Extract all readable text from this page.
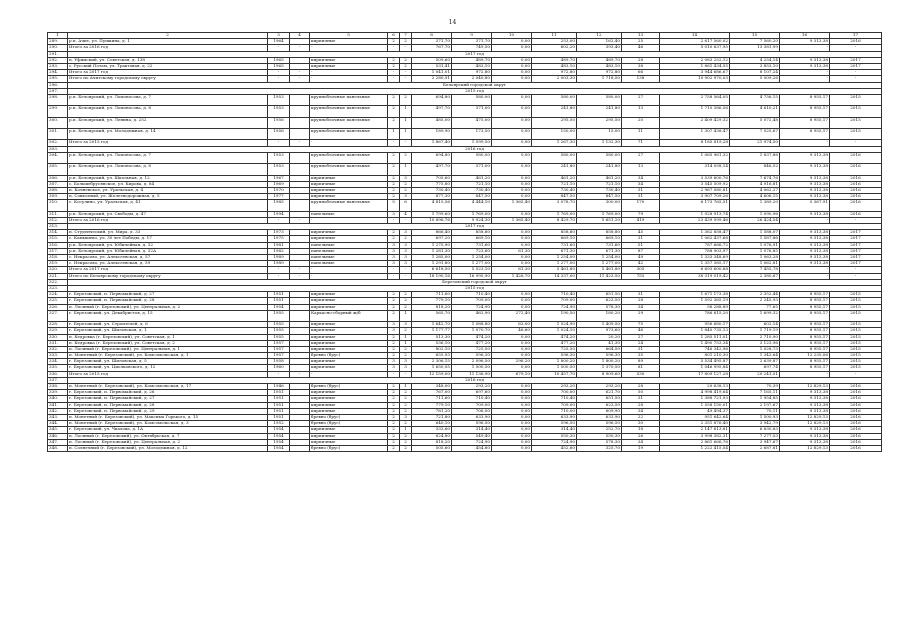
14
1	2	3	4	5	6	7	8	9	10	11	12	13	14	15	16	17
289.	р.п. Ачит, ул. Пушкина, д. 1	1964		кирпичные	2	2	371,70	371,70	0,00	253,00	162,40	25	2 617 560,02	7 560,20	9 313,38	2016
290.	Итого за 2016 год	-	-	-	-	-	767,70	749,50	0,00	602,20	393,40	46	5 010 637,95	13 381,99	-	-
291.	2017 год															
292.	п. Уфимский, ул. Советская, д. 138	1965		кирпичные	2	2	509,60	489,70	0,00	489,70	489,70	28	2 083 252,12	4 254,14	9 313,38	2017
293.	с. Русский Потам, ул. Трактовая, д. 22	1965		кирпичные	2	2	531,41	483,10	0,00	483,10	483,10	38	1 861 434,55	3 853,10	9 313,38	2017
294.	Итого за 2017 год	-	-	-	-	-	1 041,01	972,80	0,00	972,80	972,80	66	3 944 686,67	8 107,24	-	-
295.	Итого по Ачитскому городскому округу	-	-	-	-	-	2 280,91	2 040,80	0,00	2 003,30	1 718,50	138	10 902 970,03	5 009,26	-	-
296.	Белоярский городской округ															
297.	2015 год															
298.	р.п. Белоярский, ул. Ломоносова, д. 7	1953		крупноблочные панельные	2	2	694,80	580,00	0,00	580,00	580,00	27	2 758 564,05	4 756,15	8 955,17	2015
299.	р.п. Белоярский, ул. Ломоносова, д. 8	1953		крупноблочные панельные	2	1	497,70	371,00	0,00	241,80	241,80	13	1 710 386,56	4 610,21	8 955,17	2015
300.	р.п. Белоярский, ул. Ленина, д. 252	1956		крупноблочные панельные	2	1	485,00	475,00	0,00	295,50	295,50	20	2 409 429,32	5 072,48	8 955,17	2015
301.	р.п. Белоярский, ул. Молодежная, д. 14	1956		крупноблочные панельные	1	1	189,90	173,50	0,00	150,00	15,00	11	1 307 438,47	7 525,67	8 955,17	2015
302.	Итого за 2015 год	-	-	-	-	-	1 867,40	1 599,50	0,00	1 267,30	1 132,30	71	8 185 819,28	21 974,50	-	-
303.	2016 год															
304.	р.п. Белоярский, ул. Ломоносова, д. 7	1953		крупноблочные панельные	2	2	694,80	580,00	0,00	580,00	580,00	27	1 065 961,32	1 837,86	9 313,38	2016
305.	р.п. Белоярский, ул. Ломоносова, д. 8	1953		крупноблочные панельные	2	1	497,70	371,00	0,00	241,80	241,80	13	314 058,14	846,52	9 313,38	2016
306.	р.п. Белоярский, ул. Школьная, д. 12	1967		кирпичные	2	3	705,60	461,20	0,00	461,20	461,20	34	3 539 600,76	7 674,76	9 313,38	2016
307.	с. Большебрусянское, ул. Кирова, д. 84	1969		кирпичные	2	2	775,80	721,10	0,00	721,10	721,10	34	3 545 509,92	4 916,81	9 313,38	2016
308.	п. Кочневское, ул. Уральская, д. 4	1970		кирпичные	2	2	730,40	730,40	0,00	730,40	730,40	31	2 967 080,81	4 062,27	9 313,38	2016
309.	п. Совхозный, ул. Железнодорожная, д. 5	1977		кирпичные	2	3	877,30	847,50	0,00	847,50	847,50	31	3 907 709,26	4 606,15	9 313,38	2016
310.	с. Косулино, ул. Уральская, д. 41	1985		крупноблочные панельные	5	6	4 815,56	4 444,10	1 365,40	3 078,70	300,00	170	6 173 765,51	1 389,20	5 367,91	2016
311.	р.п. Белоярский, ул. Свободы, д. 47	1994		панельные	3	4	1 799,60	1 769,00	0,00	1 769,00	1 769,00	79	1 928 913,74	1 090,96	9 313,38	2016
312.	Итого за 2016 год	-	-	-	-	-	10 896,76	9 924,30	1 365,40	8 429,70	5 651,20	419	23 439 599,46	26 424,54	-	-
313.	2017 год															
314.	п. Студенческий, ул. Мира, д. 33	1973		кирпичные	2	3	866,40	858,80	0,00	858,80	858,80	45	1 362 858,47	1 588,07	9 313,38	2017
315.	с. Камышево, ул. 30 лет Победы, д. 17	1975		кирпичные	2	2	697,20	669,10	0,00	669,10	669,10	31	1 062 437,66	1 587,86	9 313,38	2017
316.	р.п. Белоярский, ул. Юбилейная, д. 32	1981		панельные	3	3	1 275,90	731,60	0,00	731,60	731,60	51	787 666,72	1 076,91	9 313,38	2017
317.	р.п. Белоярский, ул. Юбилейная, д. 32А	1982		панельные	3	3	1 281,30	723,60	61,30	671,30	671,30	87	788 903,97	1 076,85	9 313,38	2017
318.	с. Некрасово, ул. Алексеевская, д. 57	1989		панельные	3	3	1 285,00	1 254,00	0,00	1 254,00	1 254,00	49	1 333 348,69	1 063,28	9 313,38	2017
319.	с. Некрасово, ул. Алексеевская, д. 59	1989		панельные	3	3	1 291,80	1 277,00	0,00	1 277,00	1 277,00	42	1 357 385,17	1 062,81	9 313,38	2017
320.	Итого за 2017 год	-	-	-	-	-	6 618,50	5 523,10	61,30	5 461,80	5 461,80	305	6 693 600,68	7 455,78	-	-
321.	Итого по Белоярскому городскому округу	-	-	-	-	-	18 190,16	16 995,90	1 426,70	14 337,00	11 423,50	755	38 319 019,42	2 380,67	-	-
322.	Березовский городской округ															
323.	2015 год															
324.	г. Березовский, п. Первомайский, д. 27	1951		кирпичные	2	2	711,60	710,40	0,00	710,40	651,50	31	1 671 173,38	2 352,44	8 955,17	2015
325.	г. Березовский, п. Первомайский, д. 28	1951		кирпичные	2	2	779,10	709,00	0,00	709,00	623,50	28	1 592 365,19	2 245,93	8 955,17	2015
326.	п. Лосиный (г. Березовский), ул. Центральная, д. 2	1954		кирпичные	2	2	818,20	724,90	0,00	724,90	578,30	34	56 288,89	77,65	8 955,17	2015
327.	г. Березовский, ул. Декабристов, д. 15	1955		Каркасно-сборный ж/б	2	1	565,70	462,90	272,40	190,50	180,20	29	786 615,20	1 699,32	8 955,17	2015
328.	г. Березовский, ул. Строителей, д. 6	1955		кирпичные	3	3	1 642,70	1 588,80	63,00	1 524,90	1 409,50	75	956 680,17	602,14	8 955,17	2015
329.	г. Березовский, ул. Шиловская, д. 1	1955		кирпичные	3	2	1 177,77	1 070,70	46,60	1 024,10	973,60	46	1 840 735,13	1 719,19	8 955,17	2015
330.	п. Кедровка (г. Березовский), ул. Советская, д. 1	1955		кирпичные	2	1	513,30	474,20	0,00	474,20	20,20	27	1 285 511,01	2 710,90	8 955,17	2015
331.	п. Кедровка (г. Березовский), ул. Советская, д. 2	1957		кирпичные	2	1	536,10	477,20	0,00	477,20	41,30	24	1 490 753,34	3 123,96	8 955,17	2015
332.	п. Лосиный (г. Березовский), ул. Центральная, д. 1	1957		кирпичные	2	2	802,10	725,50	0,00	725,50	664,50	31	746 342,96	1 028,73	8 955,17	2015
333.	п. Монетный (г. Березовский), ул. Комсомольская, д. 1	1957		бревно (брус)	2	2	655,93	596,30	0,00	596,30	596,30	35	801 210,30	1 343,64	12 235,06	2015
334.	г. Березовский, ул. Шиловская, д. 5	1958		кирпичные	3	3	2 306,15	2 096,50	296,20	1 800,20	1 800,20	89	5 534 495,87	2 639,87	8 955,17	2015
335.	г. Березовский, ул. Циолковского, д. 12	1960		кирпичные	3	3	1 650,55	1 500,50	0,00	1 500,50	1 370,50	81	1 046 995,84	697,74	8 955,17	2015
336.	Итого за 2015 год	-	-	-	-	-	12 159,00	11 136,90	679,10	10 457,70	8 909,60	530	17 809 127,28	20 241,51	-	-
337.	2016 год															
338.	п. Монетный (г. Березовский), ул. Комсомольская, д. 17	1946		бревно (брус)	2	1	348,00	293,20	0,00	293,20	293,20	28	20 638,13	70,39	12 829,13	2016
339.	г. Березовский, п. Первомайский, д. 26	1951		кирпичные	2	2	767,00	697,60	0,00	700,00	621,70	50	4 998 419,64	7 165,11	9 313,38	2016
340.	г. Березовский, п. Первомайский, д. 27	1951		кирпичные	2	2	711,60	710,40	0,00	710,40	651,50	31	1 388 721,93	1 954,85	9 313,38	2016
341.	г. Березовский, п. Первомайский, д. 28	1951		кирпичные	2	2	779,10	709,00	0,00	709,00	623,50	28	1 558 150,01	2 197,67	9 313,38	2016
342.	г. Березовский, п. Первомайский, д. 29	1951		кирпичные	2	2	781,20	706,00	0,00	710,00	609,90	34	49 494,37	70,11	9 313,38	2016
343.	п. Монетный (г. Березовский), ул. Максима Горького, д. 15	1951		бревно (брус)	2	3	721,80	633,90	0,00	633,90	633,90	22	951 642,64	1 500,93	12 829,13	2016
344.	п. Монетный (г. Березовский), ул. Комсомольская, д. 3	1952		бревно (брус)	2	2	640,10	596,50	0,00	596,50	596,50	30	2 351 876,40	3 942,79	12 829,13	2016
345.	г. Березовский, ул. Чкалова, д. 1А	1954		кирпичные	2	1	333,60	314,40	0,00	314,40	252,70	18	2 147 613,81	6 830,83	9 313,38	2016
346.	п. Лосиный (г. Березовский), ул. Октябрьская, д. 7	1954		кирпичные	2	2	624,80	549,40	0,00	550,30	550,30	26	3 998 382,31	7 277,53	9 313,38	2016
347.	п. Лосиный (г. Березовский), ул. Центральная, д. 2	1954		кирпичные	2	2	818,20	724,90	0,00	724,90	578,30	34	2 861 666,76	3 947,67	9 313,38	2016
348.	п. Солнечный (г. Березовский), ул. Молодежная, д. 12	1954		бревно (брус)	2	2	505,60	454,80	0,00	452,60	325,70	19	1 222 415,54	2 687,81	12 829,13	2016
